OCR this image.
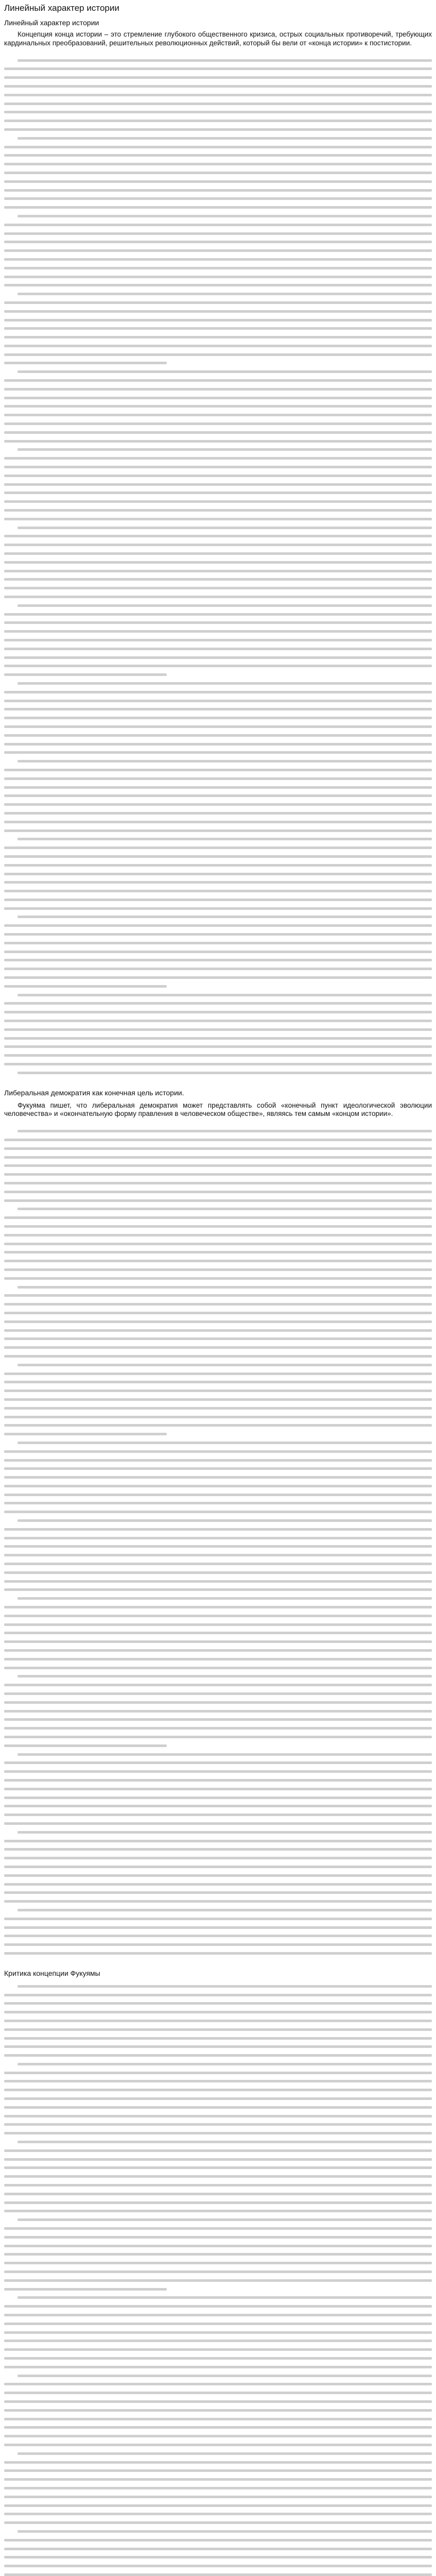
Линейный характер истории
Линейный характер истории

Концепция конца истории – это стремление глубокого общественного кризиса, острых социальных противоречий, требующих кардинальных преобразований, решительных революционных действий, который бы вели от «конца истории» к постистории.

Либеральная демократия как конечная цель истории.

Фукуяма пишет, что либеральная демократия может представлять собой «конечный пункт идеологической эволюции человечества» и «окончательную форму правления в человеческом обществе», являясь тем самым «концом истории».

Критика концепции Фукуямы
